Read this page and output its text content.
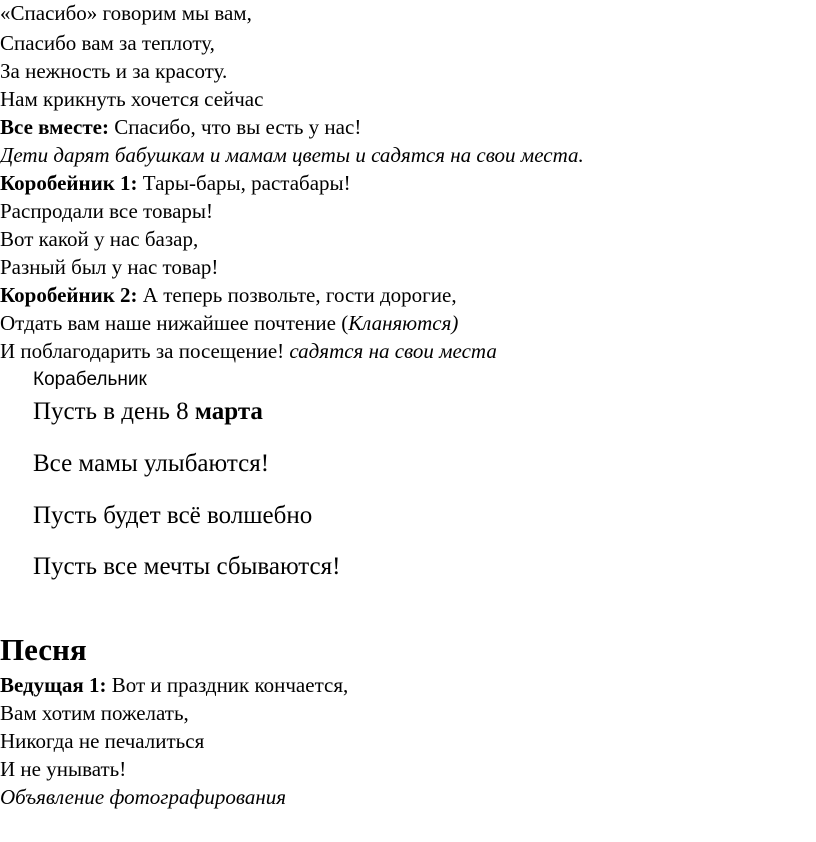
«Спасибо» говорим мы вам,

Спасибо вам за теплоту,

За нежность и за красоту.

Нам крикнуть хочется сейчас

Все вместе: Спасибо, что вы есть у нас!

Дети дарят бабушкам и мамам цветы и садятся на свои места.

Коробейник 1: Тары-бары, растабары!

Распродали все товары!

Вот какой у нас базар,

Разный был у нас товар!

Коробейник 2: А теперь позвольте, гости дорогие,

Отдать вам наше нижайшее почтение (Кланяются)

И поблагодарить за посещение! садятся на свои места

Корабельник

Пусть в день 8 марта

Все мамы улыбаются!

Пусть будет всё волшебно

Пусть все мечты сбываются!

Песня

Ведущая 1: Вот и праздник кончается,

Вам хотим пожелать,

Никогда не печалиться

И не унывать!

Объявление фотографирования
